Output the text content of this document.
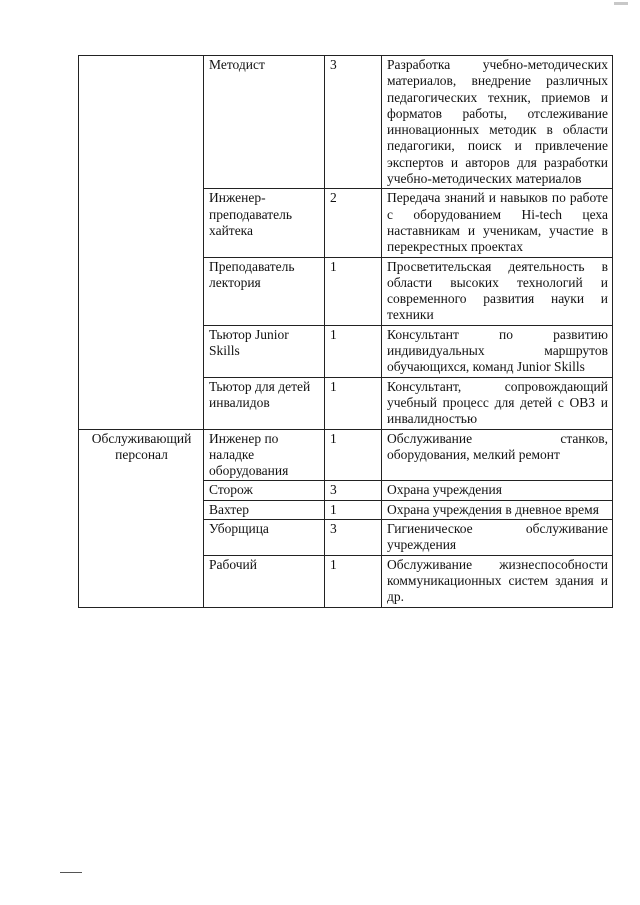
	Методист	3	Разработка учебно-методических материалов, внедрение различных педагогических техник, приемов и форматов работы, отслеживание инновационных методик в области педагогики, поиск и привлечение экспертов и авторов для разработки учебно-методических материалов
	Инженер-преподаватель хайтека	2	Передача знаний и навыков по работе с оборудованием Hi-tech цеха наставникам и ученикам, участие в перекрестных проектах
	Преподаватель лектория	1	Просветительская деятельность в области высоких технологий и современного развития науки и техники
	Тьютор Junior Skills	1	Консультант по развитию индивидуальных маршрутов обучающихся, команд Junior Skills
	Тьютор для детей инвалидов	1	Консультант, сопровождающий учебный процесс для детей с ОВЗ и инвалидностью
Обслуживающий персонал	Инженер по наладке оборудования	1	Обслуживание станков, оборудования, мелкий ремонт
	Сторож	3	Охрана учреждения
	Вахтер	1	Охрана учреждения в дневное время
	Уборщица	3	Гигиеническое обслуживание учреждения
	Рабочий	1	Обслуживание жизнеспособности коммуникационных систем здания и др.
